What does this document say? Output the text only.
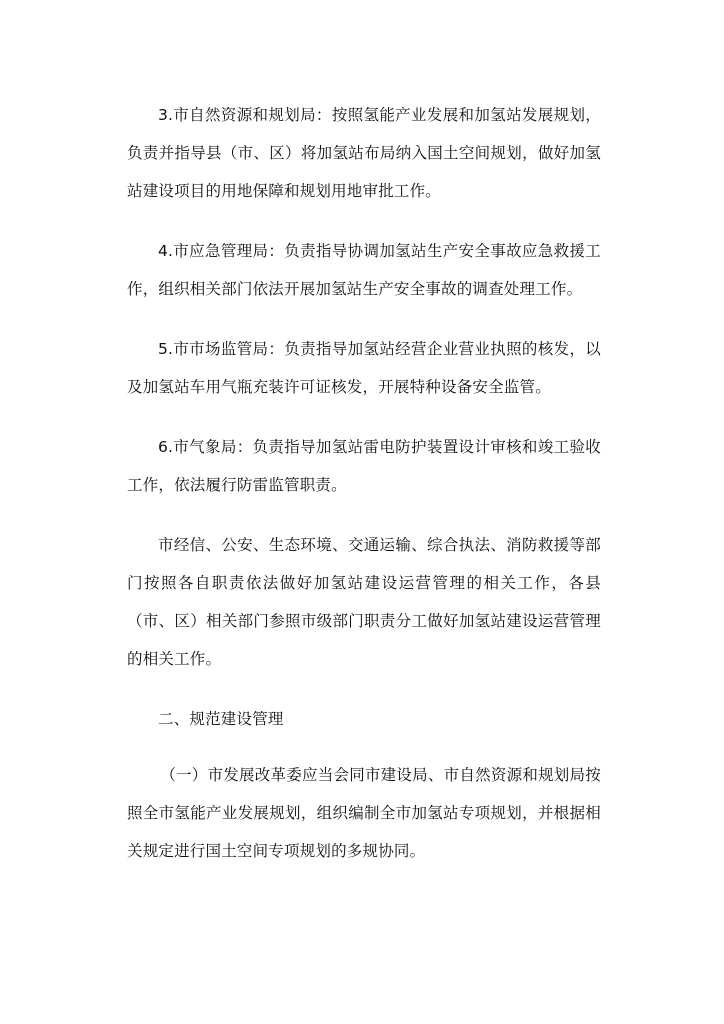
3.市自然资源和规划局：按照氢能产业发展和加氢站发展规划，负责并指导县（市、区）将加氢站布局纳入国土空间规划，做好加氢站建设项目的用地保障和规划用地审批工作。

4.市应急管理局：负责指导协调加氢站生产安全事故应急救援工作，组织相关部门依法开展加氢站生产安全事故的调查处理工作。

5.市市场监管局：负责指导加氢站经营企业营业执照的核发，以及加氢站车用气瓶充装许可证核发，开展特种设备安全监管。

6.市气象局：负责指导加氢站雷电防护装置设计审核和竣工验收工作，依法履行防雷监管职责。

市经信、公安、生态环境、交通运输、综合执法、消防救援等部门按照各自职责依法做好加氢站建设运营管理的相关工作，各县（市、区）相关部门参照市级部门职责分工做好加氢站建设运营管理的相关工作。

二、规范建设管理

（一）市发展改革委应当会同市建设局、市自然资源和规划局按照全市氢能产业发展规划，组织编制全市加氢站专项规划，并根据相关规定进行国土空间专项规划的多规协同。
